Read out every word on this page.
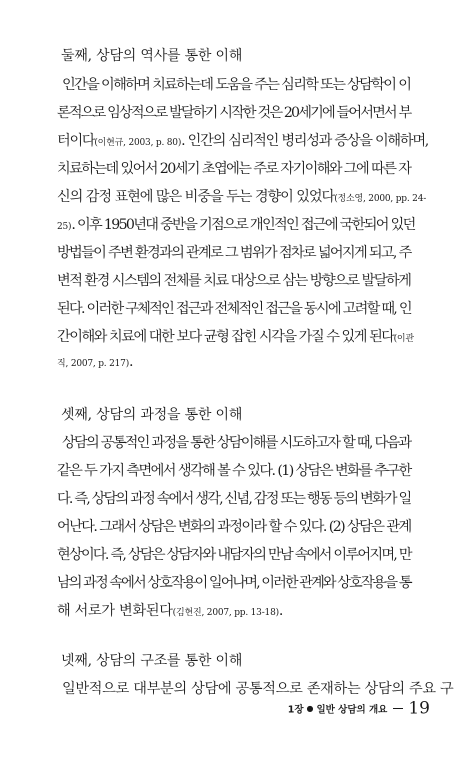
둘째, 상담의 역사를 통한 이해
인간을 이해하며 치료하는데 도움을 주는 심리학 또는 상담학이 이
론적으로 임상적으로 발달하기 시작한 것은 20세기에 들어서면서 부
터이다(이현규, 2003, p. 80). 인간의 심리적인 병리성과 증상을 이해하며,
치료하는데 있어서 20세기 초엽에는 주로 자기이해와 그에 따른 자
신의 감정 표현에 많은 비중을 두는 경향이 있었다(정소영, 2000, pp. 24-
25). 이후 1950년대 중반을 기점으로 개인적인 접근에 국한되어 있던
방법들이 주변 환경과의 관계로 그 범위가 점차로 넓어지게 되고, 주
변적 환경 시스템의 전체를 치료 대상으로 삼는 방향으로 발달하게
된다. 이러한 구체적인 접근과 전체적인 접근을 동시에 고려할 때, 인
간이해와 치료에 대한 보다 균형 잡힌 시각을 가질 수 있게 된다(이관
직, 2007, p. 217).
셋째, 상담의 과정을 통한 이해
상담의 공통적인 과정을 통한 상담이해를 시도하고자 할 때, 다음과
같은 두 가지 측면에서 생각해 볼 수 있다. (1) 상담은 변화를 추구한
다. 즉, 상담의 과정 속에서 생각, 신념, 감정 또는 행동 등의 변화가 일
어난다. 그래서 상담은 변화의 과정이라 할 수 있다. (2) 상담은 관계
현상이다. 즉, 상담은 상담자와 내담자의 만남 속에서 이루어지며, 만
남의 과정 속에서 상호작용이 일어나며, 이러한 관계와 상호작용을 통
해 서로가 변화된다(김현진, 2007, pp. 13-18).
넷째, 상담의 구조를 통한 이해
일반적으로 대부분의 상담에 공통적으로 존재하는 상담의 주요 구
1장 ● 일반 상담의 개요 19
